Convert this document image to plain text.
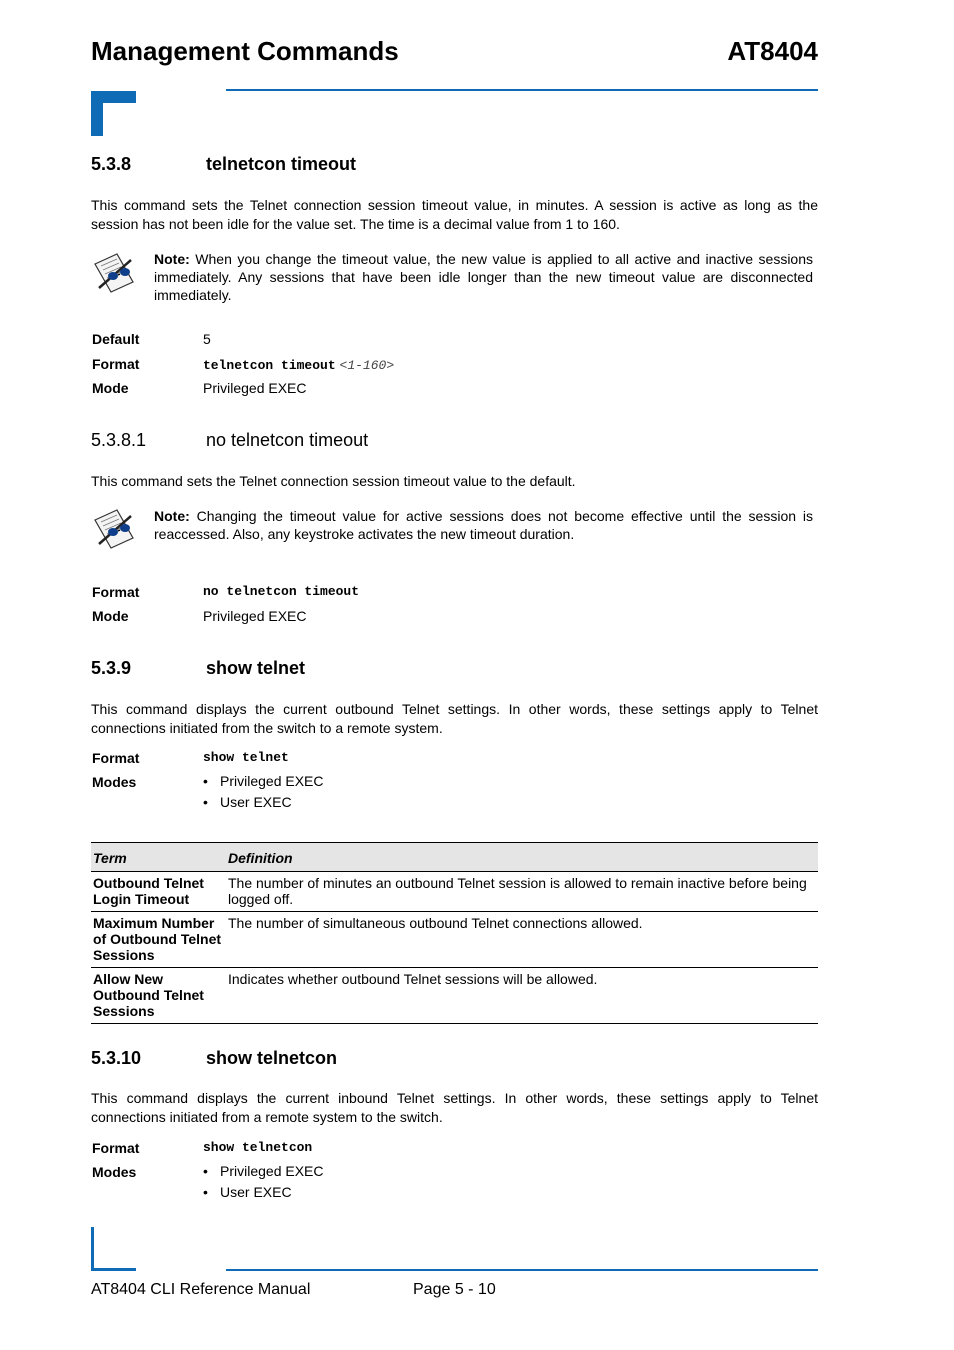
Management Commands	AT8404
5.3.8	telnetcon timeout

This command sets the Telnet connection session timeout value, in minutes. A session is active as long as the session has not been idle for the value set. The time is a decimal value from 1 to 160.

Note: When you change the timeout value, the new value is applied to all active and inactive sessions immediately. Any sessions that have been idle longer than the new timeout value are disconnected immediately.

Default	5
Format	telnetcon timeout <1-160>
Mode	Privileged EXEC
5.3.8.1	no telnetcon timeout

This command sets the Telnet connection session timeout value to the default.

Note: Changing the timeout value for active sessions does not become effective until the session is reaccessed. Also, any keystroke activates the new timeout duration.

Format	no telnetcon timeout
Mode	Privileged EXEC
5.3.9	show telnet

This command displays the current outbound Telnet settings. In other words, these settings apply to Telnet connections initiated from the switch to a remote system.

Format	show telnet
Modes	• Privileged EXEC
• User EXEC
Term	Definition
Outbound Telnet Login Timeout	The number of minutes an outbound Telnet session is allowed to remain inactive before being logged off.
Maximum Number of Outbound Telnet Sessions	The number of simultaneous outbound Telnet connections allowed.
Allow New Outbound Telnet Sessions	Indicates whether outbound Telnet sessions will be allowed.
5.3.10	show telnetcon

This command displays the current inbound Telnet settings. In other words, these settings apply to Telnet connections initiated from a remote system to the switch.

Format	show telnetcon
Modes	• Privileged EXEC
• User EXEC
AT8404 CLI Reference Manual	Page 5 - 10
